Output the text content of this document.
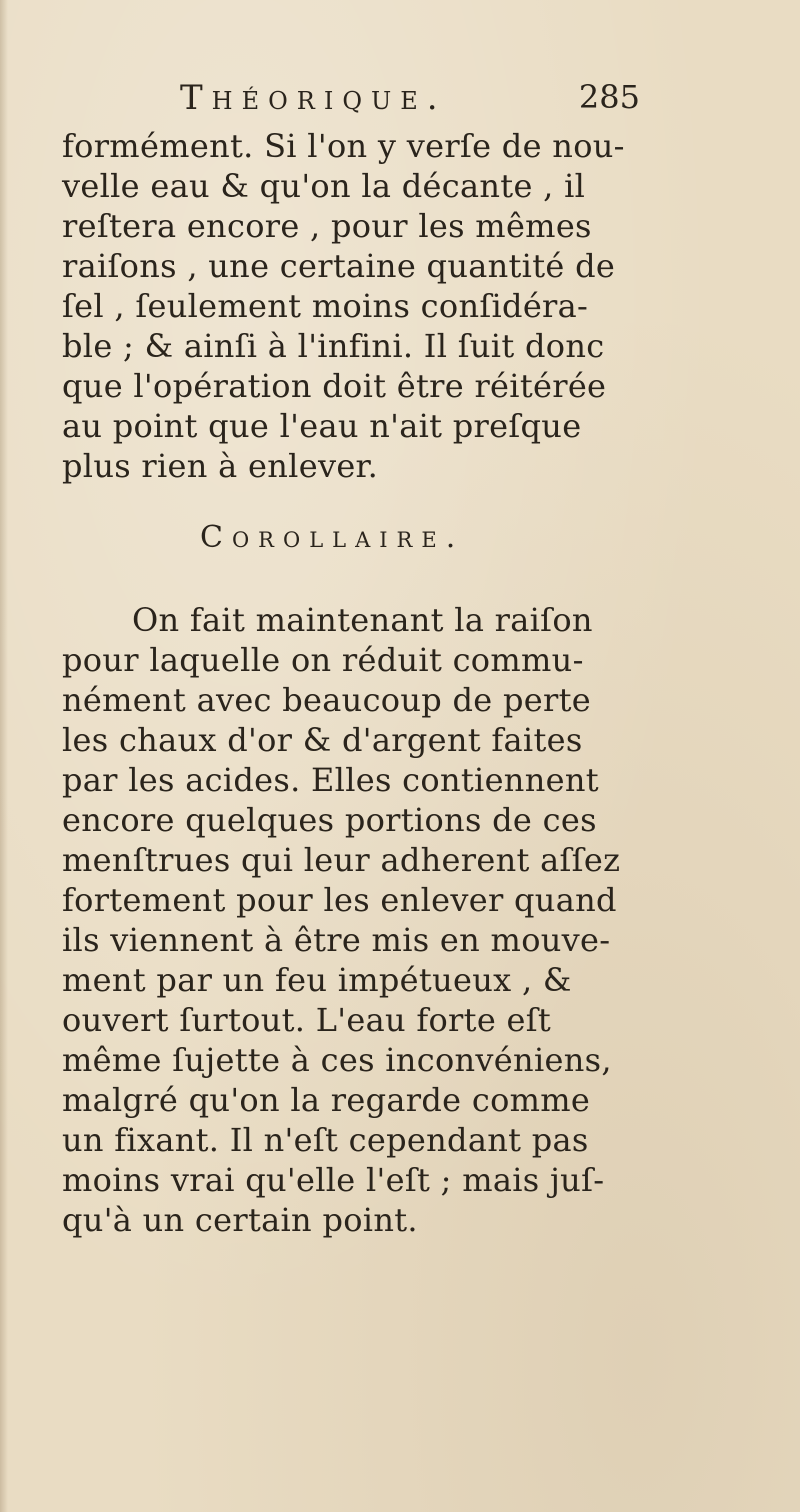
Théorique.	285
formément. Si l'on y verſe de nou-
velle eau & qu'on la décante , il
reſtera encore , pour les mêmes
raiſons , une certaine quantité de
ſel , ſeulement moins conſidéra-
ble ; & ainſi à l'infini. Il ſuit donc
que l'opération doit être réitérée
au point que l'eau n'ait preſque
plus rien à enlever.
Corollaire.
On fait maintenant la raiſon
pour laquelle on réduit commu-
nément avec beaucoup de perte
les chaux d'or & d'argent faites
par les acides. Elles contiennent
encore quelques portions de ces
menſtrues qui leur adherent aſſez
fortement pour les enlever quand
ils viennent à être mis en mouve-
ment par un feu impétueux , &
ouvert ſurtout. L'eau forte eſt
même ſujette à ces inconvéniens,
malgré qu'on la regarde comme
un fixant. Il n'eſt cependant pas
moins vrai qu'elle l'eſt ; mais juſ-
qu'à un certain point.
